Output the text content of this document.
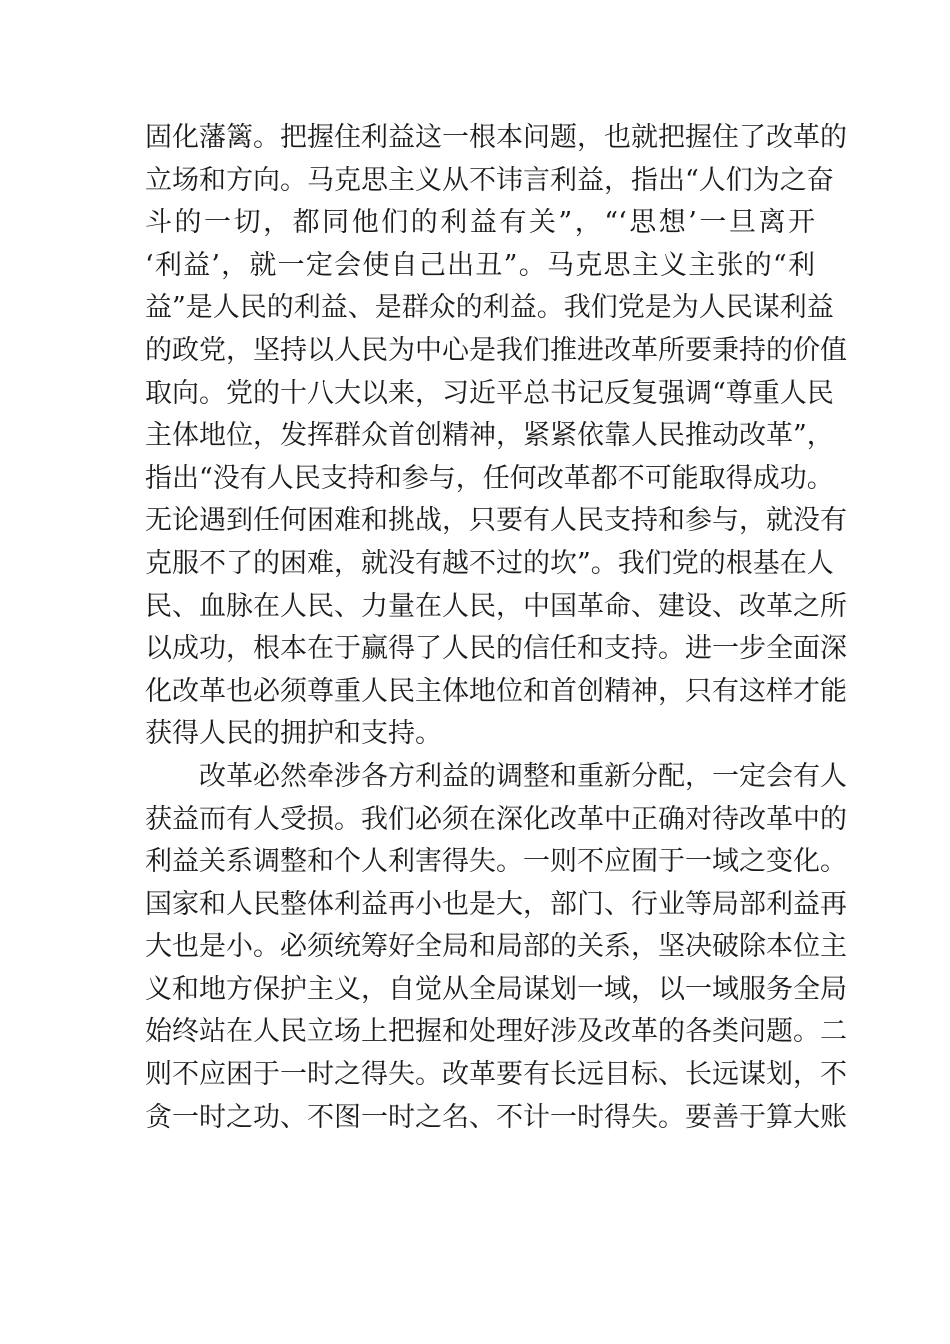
固化藩篱。把握住利益这一根本问题，也就把握住了改革的
立场和方向。马克思主义从不讳言利益，指出“人们为之奋
斗的一切，都同他们的利益有关”，“‘思想’一旦离开
‘利益’，就一定会使自己出丑”。马克思主义主张的“利
益”是人民的利益、是群众的利益。我们党是为人民谋利益
的政党，坚持以人民为中心是我们推进改革所要秉持的价值
取向。党的十八大以来，习近平总书记反复强调“尊重人民
主体地位，发挥群众首创精神，紧紧依靠人民推动改革”，
指出“没有人民支持和参与，任何改革都不可能取得成功。
无论遇到任何困难和挑战，只要有人民支持和参与，就没有
克服不了的困难，就没有越不过的坎”。我们党的根基在人
民、血脉在人民、力量在人民，中国革命、建设、改革之所
以成功，根本在于赢得了人民的信任和支持。进一步全面深
化改革也必须尊重人民主体地位和首创精神，只有这样才能
获得人民的拥护和支持。
改革必然牵涉各方利益的调整和重新分配，一定会有人
获益而有人受损。我们必须在深化改革中正确对待改革中的
利益关系调整和个人利害得失。一则不应囿于一域之变化。
国家和人民整体利益再小也是大，部门、行业等局部利益再
大也是小。必须统筹好全局和局部的关系，坚决破除本位主
义和地方保护主义，自觉从全局谋划一域，以一域服务全局
始终站在人民立场上把握和处理好涉及改革的各类问题。二
则不应困于一时之得失。改革要有长远目标、长远谋划，不
贪一时之功、不图一时之名、不计一时得失。要善于算大账
